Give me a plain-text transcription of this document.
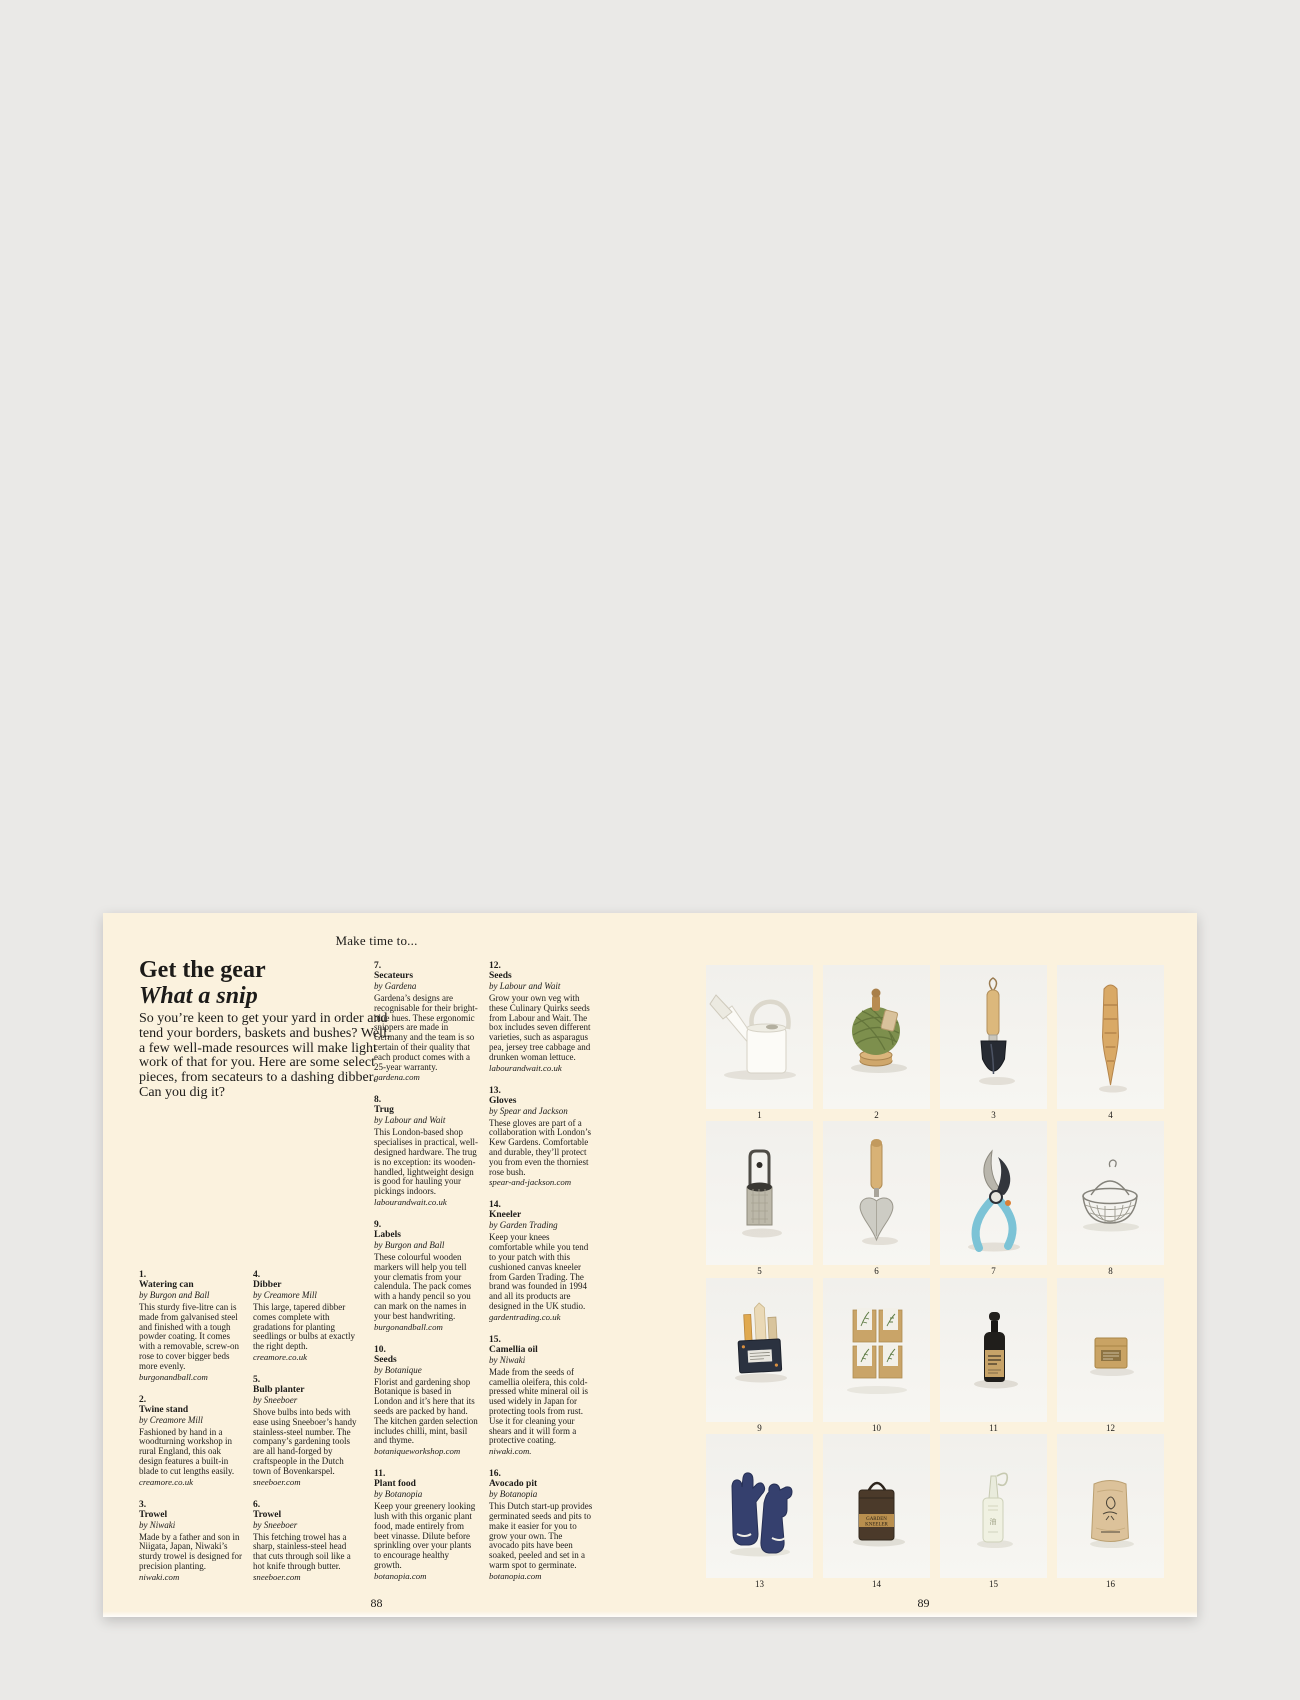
Make time to...
Get the gear
What a snip

So you’re keen to get your yard in order and tend your borders, baskets and bushes? Well, a few well-made resources will make light work of that for you. Here are some select pieces, from secateurs to a dashing dibber. Can you dig it?

1.
Watering can
by Burgon and Ball

This sturdy five-litre can is made from galvanised steel and finished with a tough powder coating. It comes with a removable, screw-on rose to cover bigger beds more evenly.

burgonandball.com
2.
Twine stand
by Creamore Mill

Fashioned by hand in a woodturning workshop in rural England, this oak design features a built-in blade to cut lengths easily.

creamore.co.uk
3.
Trowel
by Niwaki

Made by a father and son in Niigata, Japan, Niwaki’s sturdy trowel is designed for precision planting.

niwaki.com
4.
Dibber
by Creamore Mill

This large, tapered dibber comes complete with gradations for planting seedlings or bulbs at exactly the right depth.

creamore.co.uk
5.
Bulb planter
by Sneeboer

Shove bulbs into beds with ease using Sneeboer’s handy stainless-steel number. The company’s gardening tools are all hand-forged by craftspeople in the Dutch town of Bovenkarspel.

sneeboer.com
6.
Trowel
by Sneeboer

This fetching trowel has a sharp, stainless-steel head that cuts through soil like a hot knife through butter.

sneeboer.com
7.
Secateurs
by Gardena

Gardena’s designs are recognisable for their bright-blue hues. These ergonomic snippers are made in Germany and the team is so certain of their quality that each product comes with a 25-year warranty.

gardena.com
8.
Trug
by Labour and Wait

This London-based shop specialises in practical, well-designed hardware. The trug is no exception: its wooden-handled, lightweight design is good for hauling your pickings indoors.

labourandwait.co.uk
9.
Labels
by Burgon and Ball

These colourful wooden markers will help you tell your clematis from your calendula. The pack comes with a handy pencil so you can mark on the names in your best handwriting.

burgonandball.com
10.
Seeds
by Botanique

Florist and gardening shop Botanique is based in London and it’s here that its seeds are packed by hand. The kitchen garden selection includes chilli, mint, basil and thyme.

botaniqueworkshop.com
11.
Plant food
by Botanopia

Keep your greenery looking lush with this organic plant food, made entirely from beet vinasse. Dilute before sprinkling over your plants to encourage healthy growth.

botanopia.com
12.
Seeds
by Labour and Wait

Grow your own veg with these Culinary Quirks seeds from Labour and Wait. The box includes seven different varieties, such as asparagus pea, jersey tree cabbage and drunken woman lettuce.

labourandwait.co.uk
13.
Gloves
by Spear and Jackson

These gloves are part of a collaboration with London’s Kew Gardens. Comfortable and durable, they’ll protect you from even the thorniest rose bush.

spear-and-jackson.com
14.
Kneeler
by Garden Trading

Keep your knees comfortable while you tend to your patch with this cushioned canvas kneeler from Garden Trading. The brand was founded in 1994 and all its products are designed in the UK studio.

gardentrading.co.uk
15.
Camellia oil
by Niwaki

Made from the seeds of camellia oleifera, this cold-pressed white mineral oil is used widely in Japan for protecting tools from rust. Use it for cleaning your shears and it will form a protective coating.

niwaki.com.
16.
Avocado pit
by Botanopia

This Dutch start-up provides germinated seeds and pits to make it easier for you to grow your own. The avocado pits have been soaked, peeled and set in a warm spot to germinate.

botanopia.com
1	2	3	4
5	6	7	8
9	10	11	12
13
GARDEN
KNEELER
14
油
15	16
88	89
